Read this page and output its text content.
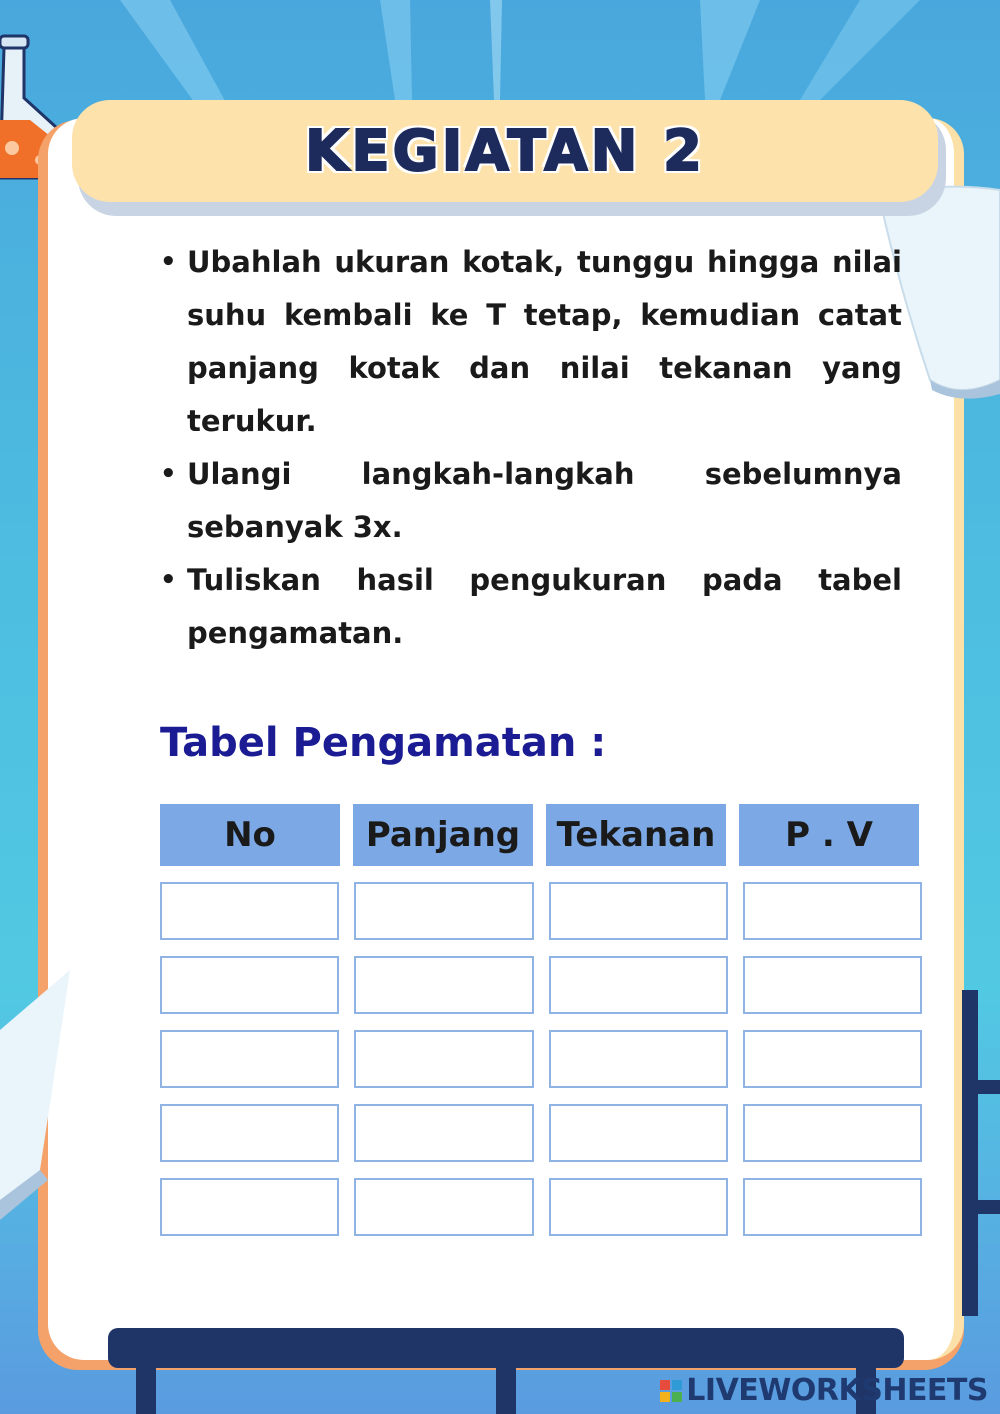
KEGIATAN 2
• Ubahlah ukuran kotak, tunggu hingga nilai suhu kembali ke T tetap, kemudian catat panjang kotak dan nilai tekanan yang terukur.
• Ulangi langkah-langkah sebelumnya sebanyak 3x.
• Tuliskan hasil pengukuran pada tabel pengamatan.
Tabel Pengamatan :
No	Panjang	Tekanan	P . V
LIVEWORKSHEETS
